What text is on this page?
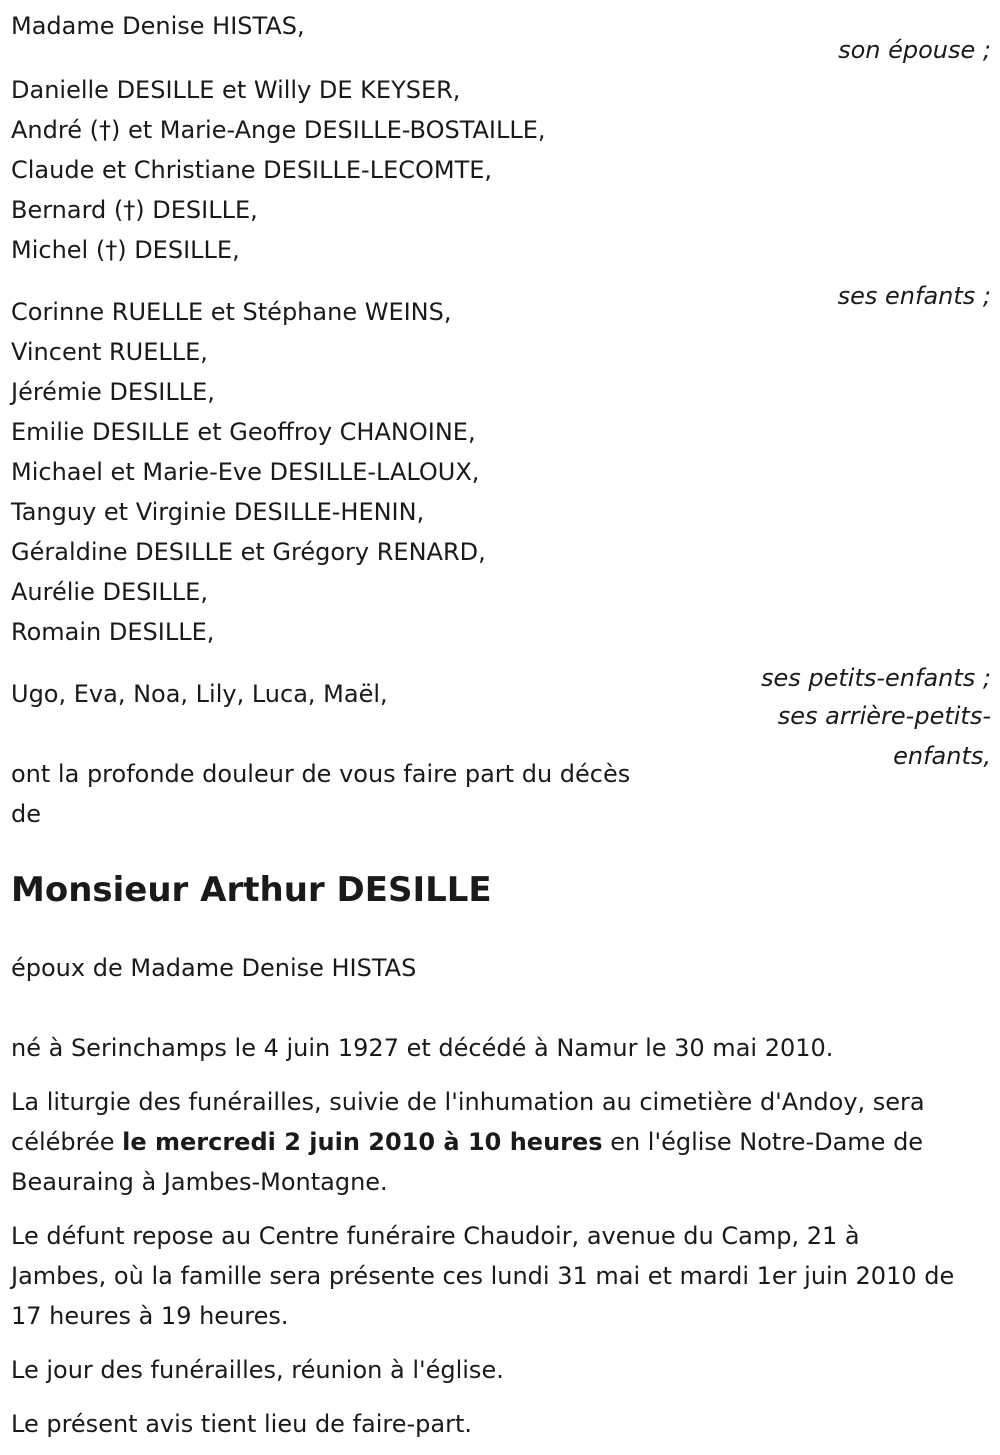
Madame Denise HISTAS,
son épouse ;
Danielle DESILLE et Willy DE KEYSER,
André (†) et Marie-Ange DESILLE-BOSTAILLE,
Claude et Christiane DESILLE-LECOMTE,
Bernard (†) DESILLE,
Michel (†) DESILLE,
ses enfants ;
Corinne RUELLE et Stéphane WEINS,
Vincent RUELLE,
Jérémie DESILLE,
Emilie DESILLE et Geoffroy CHANOINE,
Michael et Marie-Eve DESILLE-LALOUX,
Tanguy et Virginie DESILLE-HENIN,
Géraldine DESILLE et Grégory RENARD,
Aurélie DESILLE,
Romain DESILLE,
ses petits-enfants ;
Ugo, Eva, Noa, Lily, Luca, Maël,
ses arrière-petits-
enfants,
ont la profonde douleur de vous faire part du décès
de
Monsieur Arthur DESILLE
époux de Madame Denise HISTAS
né à Serinchamps le 4 juin 1927 et décédé à Namur le 30 mai 2010.
La liturgie des funérailles, suivie de l'inhumation au cimetière d'Andoy, sera célébrée le mercredi 2 juin 2010 à 10 heures en l'église Notre-Dame de Beauraing à Jambes-Montagne.
Le défunt repose au Centre funéraire Chaudoir, avenue du Camp, 21 à Jambes, où la famille sera présente ces lundi 31 mai et mardi 1er juin 2010 de 17 heures à 19 heures.
Le jour des funérailles, réunion à l'église.
Le présent avis tient lieu de faire-part.
